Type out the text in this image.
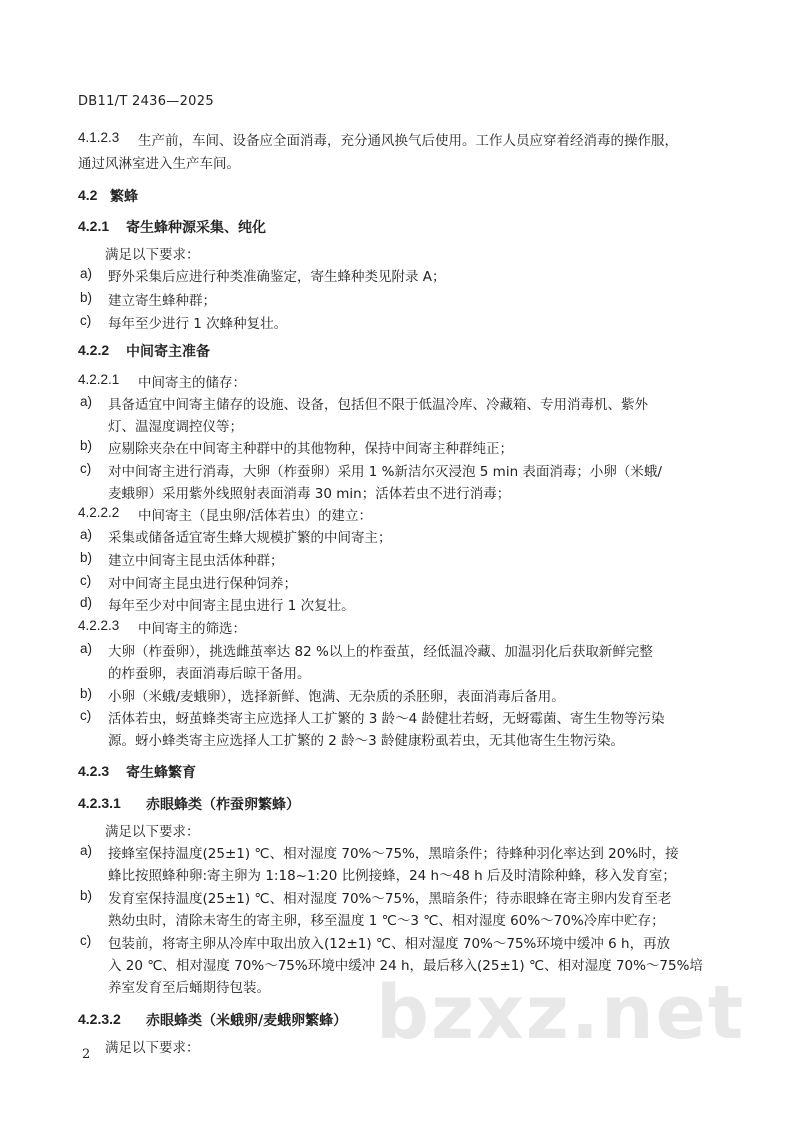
DB11/T 2436—2025
4.1.2.3 生产前，车间、设备应全面消毒，充分通风换气后使用。工作人员应穿着经消毒的操作服，
通过风淋室进入生产车间。
4.2 繁蜂
4.2.1 寄生蜂种源采集、纯化
满足以下要求：
a) 野外采集后应进行种类准确鉴定，寄生蜂种类见附录 A；
b) 建立寄生蜂种群；
c) 每年至少进行 1 次蜂种复壮。
4.2.2 中间寄主准备
4.2.2.1 中间寄主的储存：
a) 具备适宜中间寄主储存的设施、设备，包括但不限于低温冷库、冷藏箱、专用消毒机、紫外
灯、温湿度调控仪等；
b) 应剔除夹杂在中间寄主种群中的其他物种，保持中间寄主种群纯正；
c) 对中间寄主进行消毒，大卵（柞蚕卵）采用 1 %新洁尔灭浸泡 5 min 表面消毒；小卵（米蛾/
麦蛾卵）采用紫外线照射表面消毒 30 min；活体若虫不进行消毒；
4.2.2.2 中间寄主（昆虫卵/活体若虫）的建立：
a) 采集或储备适宜寄生蜂大规模扩繁的中间寄主；
b) 建立中间寄主昆虫活体种群；
c) 对中间寄主昆虫进行保种饲养；
d) 每年至少对中间寄主昆虫进行 1 次复壮。
4.2.2.3 中间寄主的筛选：
a) 大卵（柞蚕卵），挑选雌茧率达 82 %以上的柞蚕茧，经低温冷藏、加温羽化后获取新鲜完整
的柞蚕卵，表面消毒后晾干备用。
b) 小卵（米蛾/麦蛾卵），选择新鲜、饱满、无杂质的杀胚卵，表面消毒后备用。
c) 活体若虫，蚜茧蜂类寄主应选择人工扩繁的 3 龄～4 龄健壮若蚜，无蚜霉菌、寄生生物等污染
源。蚜小蜂类寄主应选择人工扩繁的 2 龄～3 龄健康粉虱若虫，无其他寄生生物污染。
4.2.3 寄生蜂繁育
4.2.3.1 赤眼蜂类（柞蚕卵繁蜂）
满足以下要求：
a) 接蜂室保持温度(25±1) ℃、相对湿度 70%～75%，黑暗条件；待蜂种羽化率达到 20%时，接
蜂比按照蜂种卵:寄主卵为 1:18~1:20 比例接蜂，24 h～48 h 后及时清除种蜂，移入发育室；
b) 发育室保持温度(25±1) ℃、相对湿度 70%～75%，黑暗条件；待赤眼蜂在寄主卵内发育至老
熟幼虫时，清除未寄生的寄主卵，移至温度 1 ℃～3 ℃、相对湿度 60%～70%冷库中贮存；
c) 包装前，将寄主卵从冷库中取出放入(12±1) ℃、相对湿度 70%～75%环境中缓冲 6 h，再放
入 20 ℃、相对湿度 70%～75%环境中缓冲 24 h，最后移入(25±1) ℃、相对湿度 70%～75%培
养室发育至后蛹期待包装。
4.2.3.2 赤眼蜂类（米蛾卵/麦蛾卵繁蜂）
满足以下要求： bzxz.net
2
